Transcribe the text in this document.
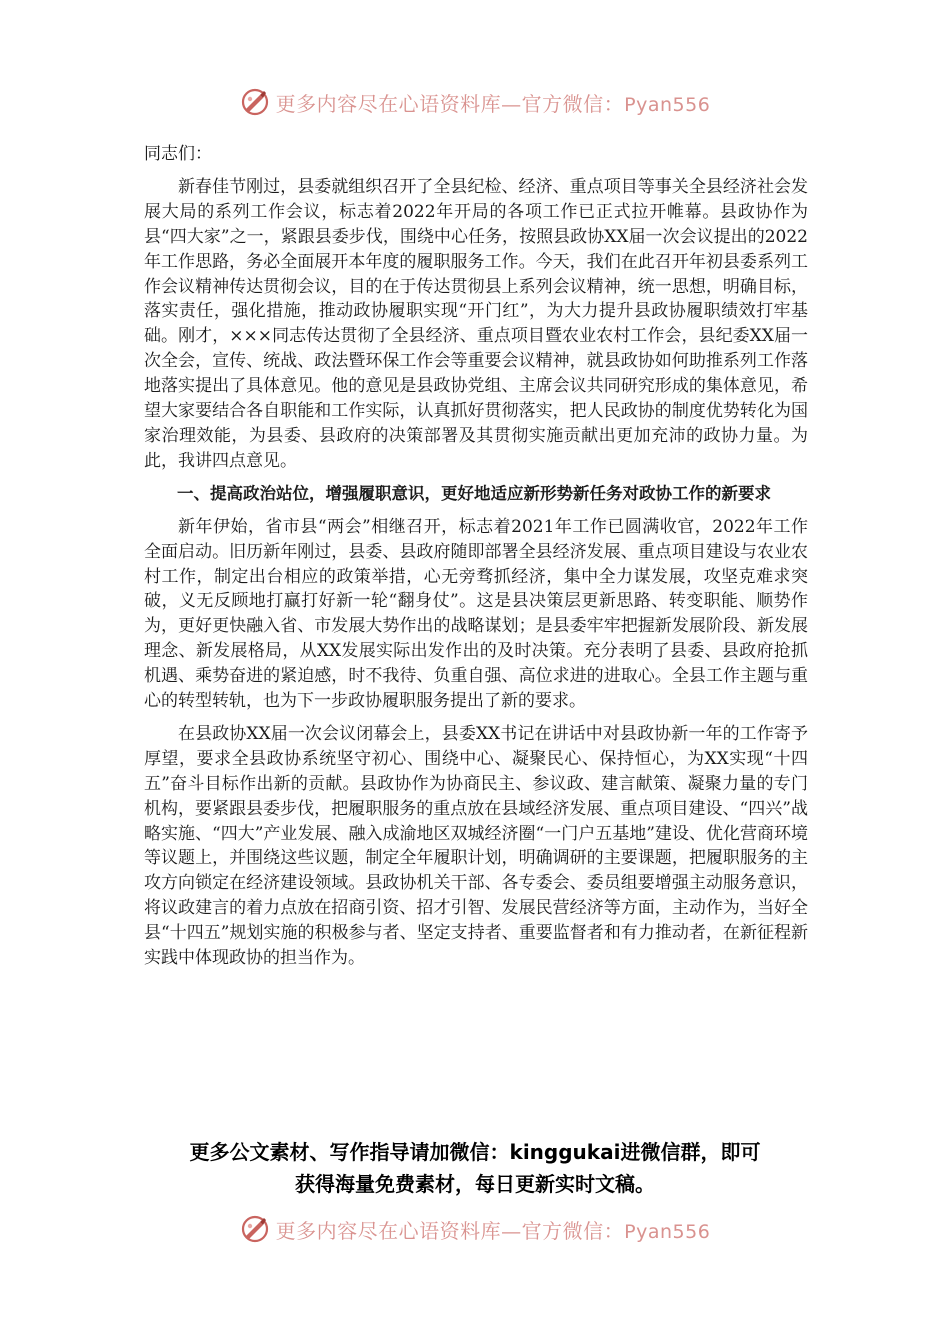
更多内容尽在心语资料库—官方微信：Pyan556

同志们：

新春佳节刚过，县委就组织召开了全县纪检、经济、重点项目等事关全县经济社会发展大局的系列工作会议，标志着2022年开局的各项工作已正式拉开帷幕。县政协作为县“四大家”之一，紧跟县委步伐，围绕中心任务，按照县政协XX届一次会议提出的2022年工作思路，务必全面展开本年度的履职服务工作。今天，我们在此召开年初县委系列工作会议精神传达贯彻会议，目的在于传达贯彻县上系列会议精神，统一思想，明确目标，落实责任，强化措施，推动政协履职实现“开门红”，为大力提升县政协履职绩效打牢基础。刚才，×××同志传达贯彻了全县经济、重点项目暨农业农村工作会，县纪委XX届一次全会，宣传、统战、政法暨环保工作会等重要会议精神，就县政协如何助推系列工作落地落实提出了具体意见。他的意见是县政协党组、主席会议共同研究形成的集体意见，希望大家要结合各自职能和工作实际，认真抓好贯彻落实，把人民政协的制度优势转化为国家治理效能，为县委、县政府的决策部署及其贯彻实施贡献出更加充沛的政协力量。为此，我讲四点意见。

一、提高政治站位，增强履职意识，更好地适应新形势新任务对政协工作的新要求

新年伊始，省市县“两会”相继召开，标志着2021年工作已圆满收官，2022年工作全面启动。旧历新年刚过，县委、县政府随即部署全县经济发展、重点项目建设与农业农村工作，制定出台相应的政策举措，心无旁骛抓经济，集中全力谋发展，攻坚克难求突破，义无反顾地打赢打好新一轮“翻身仗”。这是县决策层更新思路、转变职能、顺势作为，更好更快融入省、市发展大势作出的战略谋划；是县委牢牢把握新发展阶段、新发展理念、新发展格局，从XX发展实际出发作出的及时决策。充分表明了县委、县政府抢抓机遇、乘势奋进的紧迫感，时不我待、负重自强、高位求进的进取心。全县工作主题与重心的转型转轨，也为下一步政协履职服务提出了新的要求。

在县政协XX届一次会议闭幕会上，县委XX书记在讲话中对县政协新一年的工作寄予厚望，要求全县政协系统坚守初心、围绕中心、凝聚民心、保持恒心，为XX实现“十四五”奋斗目标作出新的贡献。县政协作为协商民主、参议政、建言献策、凝聚力量的专门机构，要紧跟县委步伐，把履职服务的重点放在县域经济发展、重点项目建设、“四兴”战略实施、“四大”产业发展、融入成渝地区双城经济圈“一门户五基地”建设、优化营商环境等议题上，并围绕这些议题，制定全年履职计划，明确调研的主要课题，把履职服务的主攻方向锁定在经济建设领域。县政协机关干部、各专委会、委员组要增强主动服务意识，将议政建言的着力点放在招商引资、招才引智、发展民营经济等方面，主动作为，当好全县“十四五”规划实施的积极参与者、坚定支持者、重要监督者和有力推动者，在新征程新实践中体现政协的担当作为。

更多公文素材、写作指导请加微信：kinggukai进微信群，即可
获得海量免费素材，每日更新实时文稿。
更多内容尽在心语资料库—官方微信：Pyan556
